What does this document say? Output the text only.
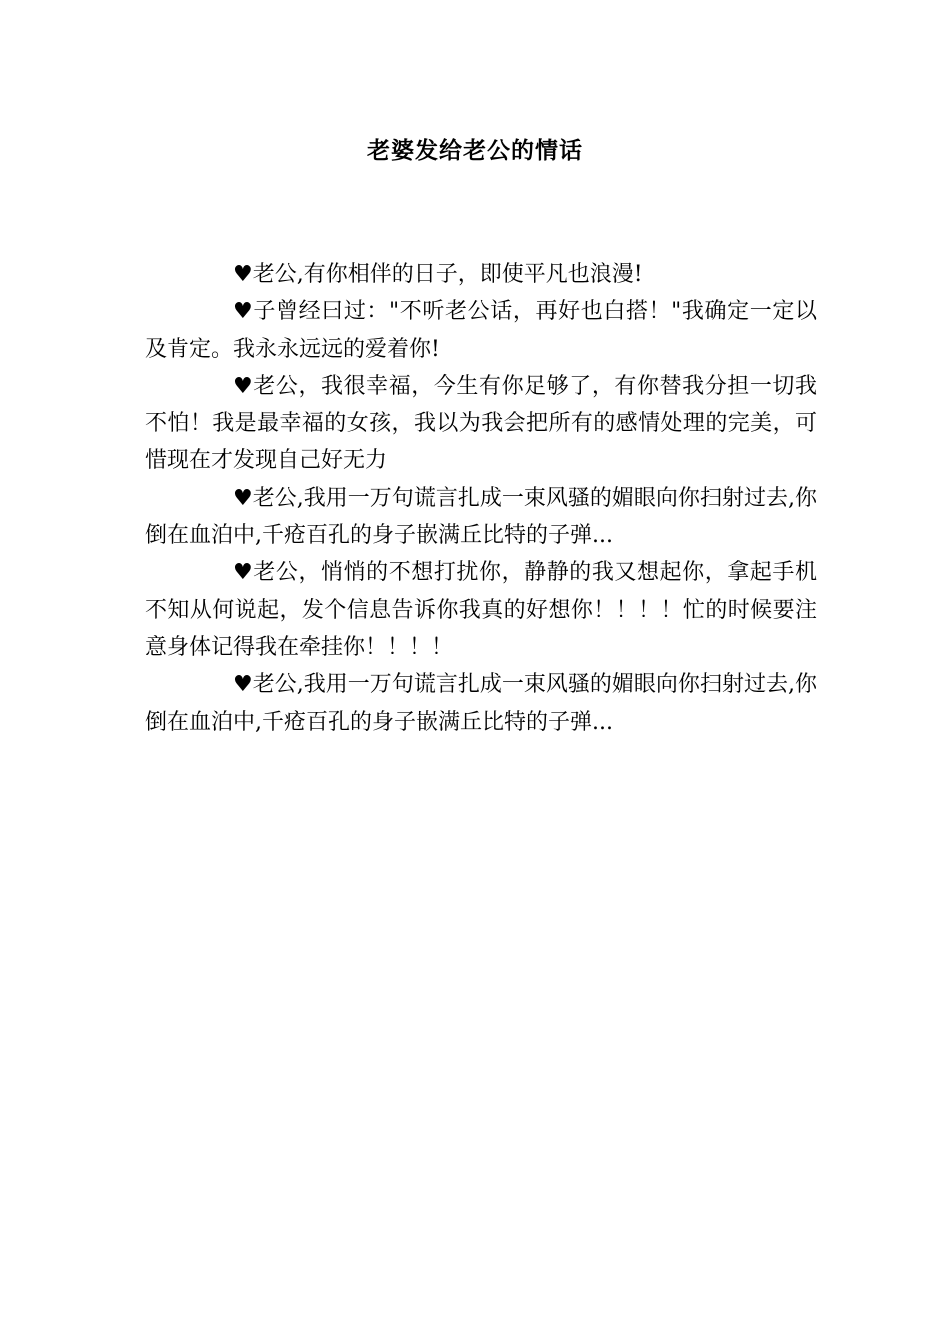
老婆发给老公的情话

♥老公,有你相伴的日子，即使平凡也浪漫!

♥子曾经曰过："不听老公话，再好也白搭！"我确定一定以及肯定。我永永远远的爱着你!

♥老公，我很幸福，今生有你足够了，有你替我分担一切我不怕！我是最幸福的女孩，我以为我会把所有的感情处理的完美，可惜现在才发现自己好无力

♥老公,我用一万句谎言扎成一束风骚的媚眼向你扫射过去,你倒在血泊中,千疮百孔的身子嵌满丘比特的子弹...

♥老公，悄悄的不想打扰你，静静的我又想起你，拿起手机不知从何说起，发个信息告诉你我真的好想你！！！！忙的时候要注意身体记得我在牵挂你！！！！

♥老公,我用一万句谎言扎成一束风骚的媚眼向你扫射过去,你倒在血泊中,千疮百孔的身子嵌满丘比特的子弹...
